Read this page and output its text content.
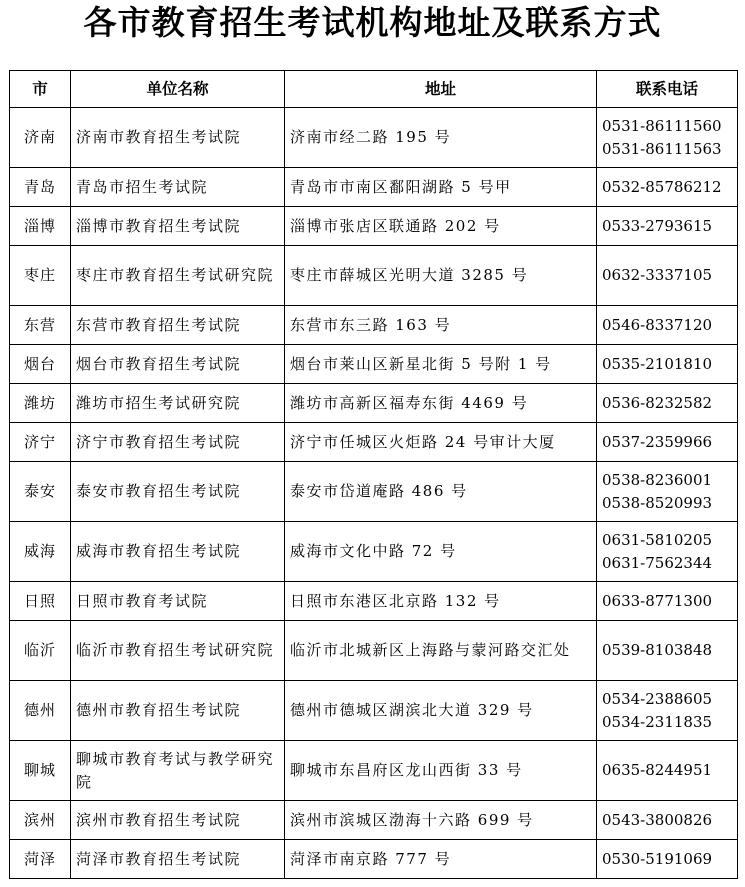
各市教育招生考试机构地址及联系方式
市	单位名称	地址	联系电话
济南	济南市教育招生考试院	济南市经二路 195 号	0531-86111560
0531-86111563

青岛	青岛市招生考试院	青岛市市南区鄱阳湖路 5 号甲	0532-85786212

淄博	淄博市教育招生考试院	淄博市张店区联通路 202 号	0533-2793615

枣庄	枣庄市教育招生考试研究院	枣庄市薛城区光明大道 3285 号	0632-3337105

东营	东营市教育招生考试院	东营市东三路 163 号	0546-8337120

烟台	烟台市教育招生考试院	烟台市莱山区新星北街 5 号附 1 号	0535-2101810

潍坊	潍坊市招生考试研究院	潍坊市高新区福寿东街 4469 号	0536-8232582

济宁	济宁市教育招生考试院	济宁市任城区火炬路 24 号审计大厦	0537-2359966

泰安	泰安市教育招生考试院	泰安市岱道庵路 486 号	0538-8236001
0538-8520993

威海	威海市教育招生考试院	威海市文化中路 72 号	0631-5810205
0631-7562344

日照	日照市教育考试院	日照市东港区北京路 132 号	0633-8771300

临沂	临沂市教育招生考试研究院	临沂市北城新区上海路与蒙河路交汇处	0539-8103848

德州	德州市教育招生考试院	德州市德城区湖滨北大道 329 号	0534-2388605
0534-2311835

聊城	聊城市教育考试与教学研究院	聊城市东昌府区龙山西街 33 号	0635-8244951

滨州	滨州市教育招生考试院	滨州市滨城区渤海十六路 699 号	0543-3800826

菏泽	菏泽市教育招生考试院	菏泽市南京路 777 号	0530-5191069
